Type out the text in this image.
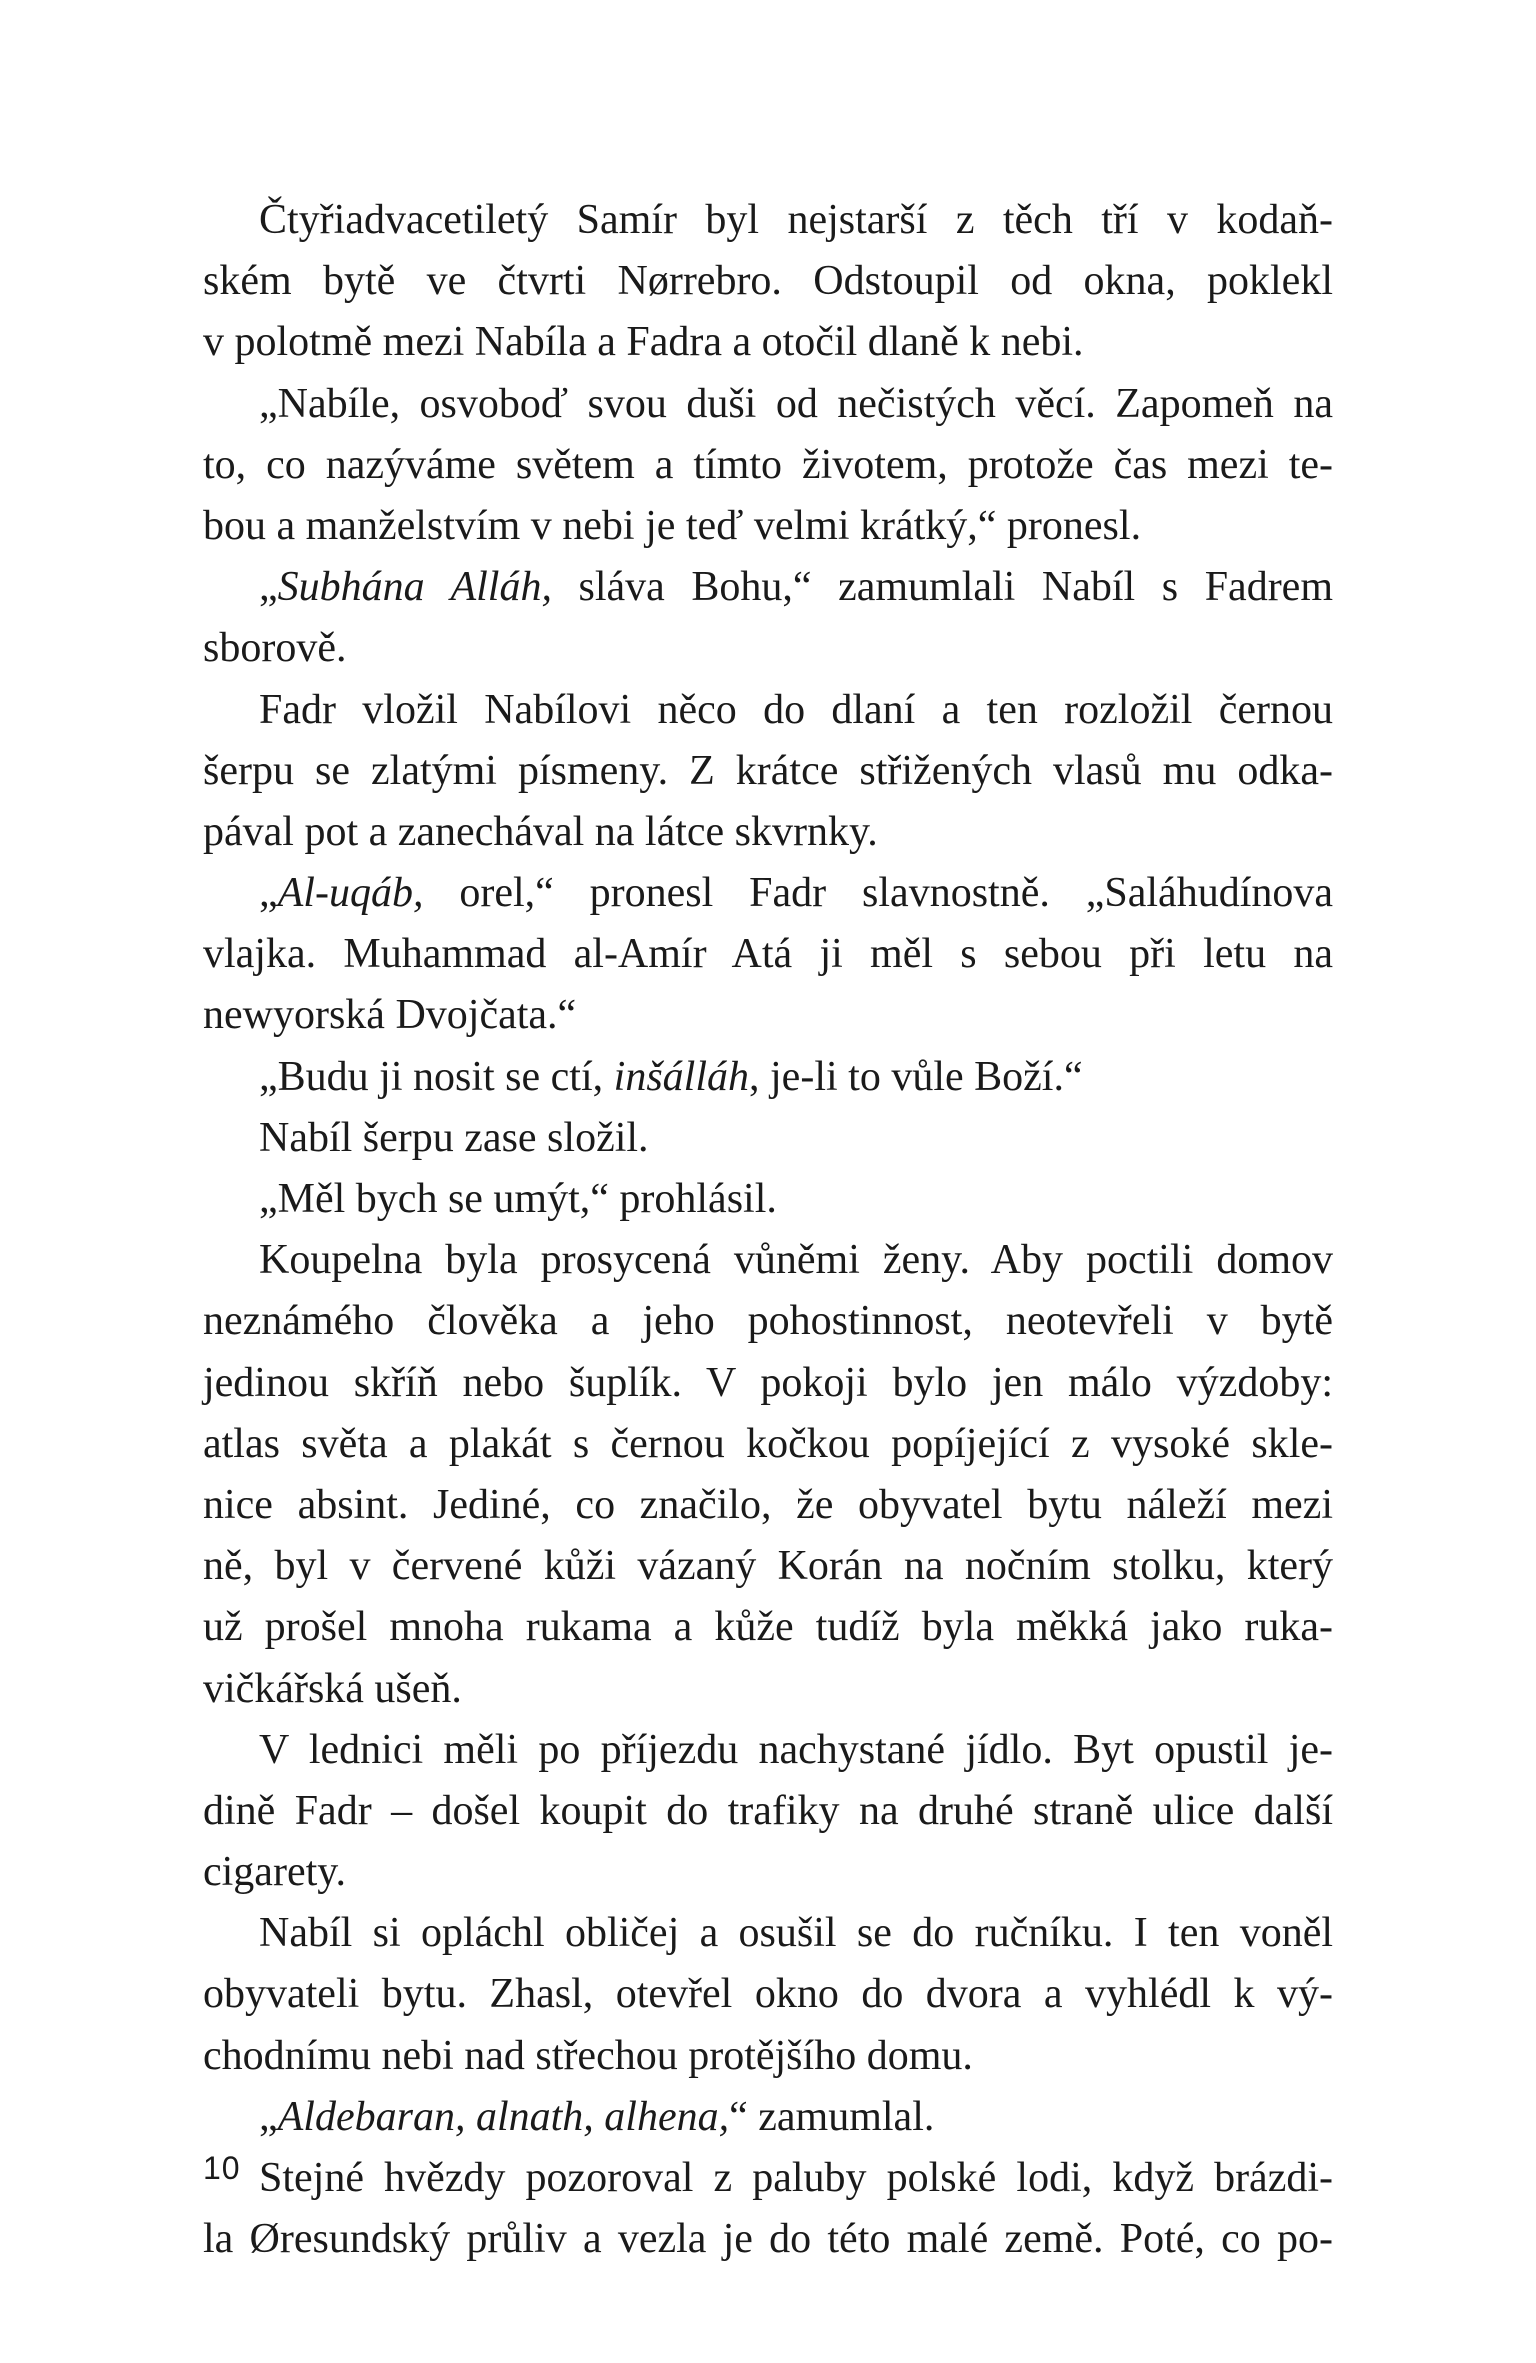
Čtyřiadvacetiletý Samír byl nejstarší z těch tří v kodaň-
ském bytě ve čtvrti Nørrebro. Odstoupil od okna, poklekl
v polotmě mezi Nabíla a Fadra a otočil dlaně k nebi.
„Nabíle, osvoboď svou duši od nečistých věcí. Zapomeň na
to, co nazýváme světem a tímto životem, protože čas mezi te-
bou a manželstvím v nebi je teď velmi krátký,“ pronesl.
„Subhána Alláh, sláva Bohu,“ zamumlali Nabíl s Fadrem
sborově.
Fadr vložil Nabílovi něco do dlaní a ten rozložil černou
šerpu se zlatými písmeny. Z krátce střižených vlasů mu odka-
pával pot a zanechával na látce skvrnky.
„Al-uqáb, orel,“ pronesl Fadr slavnostně. „Saláhudínova
vlajka. Muhammad al-Amír Atá ji měl s sebou při letu na
newyorská Dvojčata.“
„Budu ji nosit se ctí, inšálláh, je-li to vůle Boží.“
Nabíl šerpu zase složil.
„Měl bych se umýt,“ prohlásil.
Koupelna byla prosycená vůněmi ženy. Aby poctili domov
neznámého člověka a jeho pohostinnost, neotevřeli v bytě
jedinou skříň nebo šuplík. V pokoji bylo jen málo výzdoby:
atlas světa a plakát s černou kočkou popíjející z vysoké skle-
nice absint. Jediné, co značilo, že obyvatel bytu náleží mezi
ně, byl v červené kůži vázaný Korán na nočním stolku, který
už prošel mnoha rukama a kůže tudíž byla měkká jako ruka-
vičkářská ušeň.
V lednici měli po příjezdu nachystané jídlo. Byt opustil je-
dině Fadr – došel koupit do trafiky na druhé straně ulice další
cigarety.
Nabíl si opláchl obličej a osušil se do ručníku. I ten voněl
obyvateli bytu. Zhasl, otevřel okno do dvora a vyhlédl k vý-
chodnímu nebi nad střechou protějšího domu.
„Aldebaran, alnath, alhena,“ zamumlal.
Stejné hvězdy pozoroval z paluby polské lodi, když brázdi-
la Øresundský průliv a vezla je do této malé země. Poté, co po-
10
